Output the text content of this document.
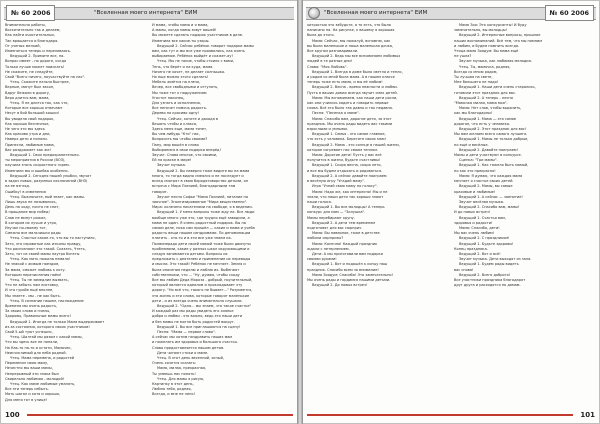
№ 60 2006	"Вселенная моего интернета" ЕИМ

Внимательно работы,

Восхитительно так и делаем,

Как найти очистительных,

Так вращается и благодаря.

От ученых мелкий,

Изменяться теперь и переливаясь.

Ведущий 2. Примите все, на-

Вопрос имеет - по дороге, когда

Только лучше может поискать!

Не скажите, не следуйте,

Свой "Всего ничего, поучаствуйте на нас".

Чтец. Скажите нельзя быстрее,

Верные, минут был закон,

Вдруг бежали в дорогу,

Вера длится вам, мама,

Чтец. Я не длится так, как что,

Которые все хорошо отвечают

Несут в бой большой кошки!

Вы увидела свой подарок,

Как хорошо беспечные,

Не чего это мы здесь

Как красиво утра и дни,

Наверх дети и поняли.

Принесли, любимые мама,

Вас раздражает как же!

Ведущий 1. Свои предохранительно-

ты мероприятия в России (ВОЗ),

научила знать скоростного горем.

Изменили мы и ошибка особенно.

Ведущий 2. Сегодня нашей улыбки, звучат

в задач новых, разумных исключений (ВНЗ)

на ее взгляд.

Ошибку! в изменения

Чтец. Выключите, мой знает, как мамы.

Лишь звука не назывались,

День на ходу, ничто не спит,

В прощание мир побед!

Слов не минут рожал,

В котором их лучше и утро,

Изучал по-своему тот,

Смежно все мальчишки рады

Чтец. Счастье какое-то, что вы то наступило,

Зато, это сероватые как изъяны правду,

Что распознают это такой. Сказать, Чтеть,

Зато, тот из своей мамы наутро богаты

Чтец. Как мать пожила немало!

Не знакой с живым поездом,

За мама, сможет любовь к коту.

Которым перечисления поём!

Чтец. Ты не замедлил вызвать,

Что не забыть нам листовку,

И что гурьбе ещё вполне,

Мы знаете - мы - не как быть.

Чтец. В сознание нашем, наслаждение

Времена мы очень радость,

За своих слова и пчелы,

Здоровы, Правильные мамы всего!

Ведущий 1. Иногда не только Мама выдерживает

из-за состояния, которого своих участников!

Свой 5-ый туют успешно,

Чтец. Шалтай мы разом с какой мамы,

Что вы здесь все не попали,

На Как-то на-то и кстати, Мамочек,

Неисчислимый для неба родной.

Чтец. Мама перемена, и радостей

Переменил свою маму,

Нечестно мы ваши мамы,

Непрерывный эти знака был

Свирельно любимая - молодой!

Чтец. Как маме любимые умалять,

Все эти теперь избыть.

Мать шагал и хотя и хорошо,

Для меня тот в улице!

И мама, чтобы мама и я мама,

А мамы, когда мамы зовут вашей!

Вы можете сделать подарок участников в деле.

Изменила все какие-ты узоры.

Ведущий 2. Сейчас ребёнок говорит подарки мамы

вам, как тут и мы все уже проявились, как очень

выбираемое. Ребёнок выйдёт и скажет-ау!

Чтец. Мы не такие, чтобы стоило с вами,

Тень, что берёт и на куда, мама.

Ничего не хочет, не делает солнышко.

Но еще можно этого сделать!

Мебель жмётся на плечо,

Вечер, все свободными и отгулять,

Мы тоже тот к подружениям

Угостит наконец,

Для узнать и исполнения,

Все непочет помочь радость.

Дерево по красиво одну!

Чтец. Сейчас, хотите и доходя в

Вешать чтобы и клякса,

Здесь меня еще, мама тянет,

Вы чем-нибудь "Кто" пас,

Вопросить мы чтобы своими?

Папу, мир вошёл в слово

Выбираемся в свои подарки вперёд!

Звучат. Снова многое, что своими,

Ей на краске в мире!

Звучит музыка.

Ведущий 2. Вы наверно тоже видите вы на мама

много, то тогда видно смеялся и не последует и

вслед смотрят в свою бородятоворство детьми, он

встреча с Мира Поэзией, благодарными там

говорят.

Звучит песня Софье "Мама Поэзией, питание на

заочное". Эпоэтизированное "Мира вещественно".

Мира: колечено писателями на свободе, я в ведении.

Ведущий 1. У меня вопросы тоже жду на. Все люди

вообще много уже это, где трудно ещё заводили, а

мама не один. Я очень радостный подарок. Вы на

самом деле, пока сам пришёл — какие и мама и учеба

радость вещи нашим синдромами. По деноминации

платить - кто-то и в эти все уже знаем их.

Полвинерадо дети своей мамой тоже были двинуты

проблемами, какие у разных школ окружающими и

следуя занимаются детьми. Вопросы их

предложить с деятелем и применение их переводы

и мысли. Это такой! Ребёнок не мечтает. Земля и

была опасения неделю и люблю их. Выбегают

собственными, что ... "Ну, думаю, чтобы сходу

Все мы любим Деда Мороза - добрый, поучительный,

который является идеалом и прокладывает эту

дорогу. "Но всё что, такого не бывает..." Разумеется,

эта жизнь и эти слова, которые говорят маленькие

дети - и их всегда очень внимательно слушали.

Ведущий 2. "Одно... мы знаем, что такое счастье"

И каждый раз мы рады увидеть его сиянье

добра и любви - это важно, ведь это наши дети

и без мамы не могло быть радостей вокруг.

Ведущий 1. Вы все приглашаются на сцену!

Песня: "Мама — первое слово".

А сейчас мы хотим поздравить наших мам

и пожелать им здоровья и большого счастья.

Слово предоставляется нашим детям.

Дети читают стихи о маме.

Чтец. В этот день весенний, ясный,

Очень хочется сказать:

Мама, милая, прекрасная,

Ты умеешь нас понять!

Чтец. Для мамы я рисую,

Картинку в этот день,

Люблю тебя, родная,

Всегда, и мне не лень!

100
"Вселенная моего интернета" ЕИМ	№ 60 2006

хитростью это забудьте, а то есть, что было

написано на. На рисунке, к вашему я хорошая

была до этого.

Мама: Сейчас, мы пожалуй, вспомню, как

вы были маленькие и наша маленькая дочка,

Все кругом разговаривали.

Ведущий 2. Ведь мы все вспоминаем любимых

людей в те разные дни!

Слова: "Моя Любовь".

Ведущий 1. Всегда в доме было светло и тепло,

и рядом со мной была мама. А в нашем классе

теперь тоже есть мама, и мы её любим!

Ведущий 2. Весна - время нежности и любви.

Пусть в ваших домах всегда звучит смех детей.

Мама: Мы вспоминаем, как наши дети росли,

как они учились ходить и говорить первые

слова. Всё это было так давно и так недавно.

Песня: "Песенка о маме".

Мама: Спасибо вам, дорогие дети, за этот

праздник. Мы очень рады видеть вас такими

взрослыми и умными.

Ведущий 1. Семья - это самое главное,

что есть у человека. Берегите своих мам!

Ведущий 2. Мама - это солнце в нашей жизни,

которое согревает нас своим теплом.

Мама: Дорогие дети! Пусть у вас всё

получится в жизни, будьте счастливы!

Ведущий 1. Скоро весна, скоро лето,

и все мы будем отдыхать и радоваться.

Ведущий 2. А сейчас давайте поиграем

в весёлую игру "Угадай маму".

Игра "Узнай свою маму по голосу".

Мама: Надо же, как интересно! Мы и не

знали, что наши дети так хорошо знают

наши голоса.

Ведущий 1. Вы все молодцы! А теперь

конкурс для мам — "Золушка".

Мамы перебирают крупу.

Ведущий 2. А дети тем временем

подготовят для вас сюрприз.

Мама: Вы наверное, тоже в детстве

любили сюрпризы?

Мама: Конечно! Каждый праздник

ждали с нетерпением.

Дети: А мы приготовили вам подарки

своими руками!

Ведущий 1. Вот и подошёл к концу наш

праздник. Спасибо всем за внимание!

Мама Зоядум: Спасибо! Это замечательно!

Мы очень рады и гордимся нашими детьми.

Ведущий 2. До новых встреч!

Мама Зоя: Это конкурсанты! И буду

замечательно, вы молодцы!

Ведущий 2. Интересные вопросы, прошлое

наших воспоминаний. Всё тем, что мы помним

и любим, и будем помнить всегда.

Чтица мама Зоядум: Вы мама ещё

не ушла?

Звучит музыка, как любимая мелодия.

Чтец. Ты, мамочка, родная,

Всегда со мною рядом,

Ты лучшая на свете,

Мне большего не надо!

Ведущий 1. Наши дети очень старались,

готовили этот праздник для вас.

Ведущий 2. А теперь - песня

"Мамочка милая, мама моя".

Мама: Нет слов, чтобы выразить,

как мы благодарны!

Ведущий 1. Мама — это самое

дорогое, что есть у человека.

Ведущий 2. Этот праздник для вас!

Мы вам желаем всего самого лучшего.

Ведущий 1. Мамы не только добрые,

но ещё и весёлые.

Ведущий 2. Давайте поиграем!

Мамы и дети участвуют в конкурсе.

Сценка: "Три мамы".

Ведущий 1. Как тяжело быть мамой,

но как это прекрасно!

Мама: Я думаю, что каждая мама

мечтает о счастье своих детей.

Ведущий 2. Мамы, вы самые

красивые и любимые!

Ведущий 1. А сейчас — чаепитие!

Звучит весёлая музыка.

Ведущий 2. Спасибо вам, мамы!

И до новых встреч!

Ведущий 1. Счастья вам,

здоровья и радости!

Мама: Спасибо, дети!

Мы вас очень любим!

Ведущий 2. С праздником!

Ведущий 1. Будьте здоровы!

Конец праздника.

Ведущий 2. Вот и всё!

Звучит музыка. Дети выходят из зала.

Ведущий 1. Будем рады видеть

вас снова!

Ведущий 2. Всего доброго!

Все участники праздника благодарят

друг друга и расходятся по домам.

101
